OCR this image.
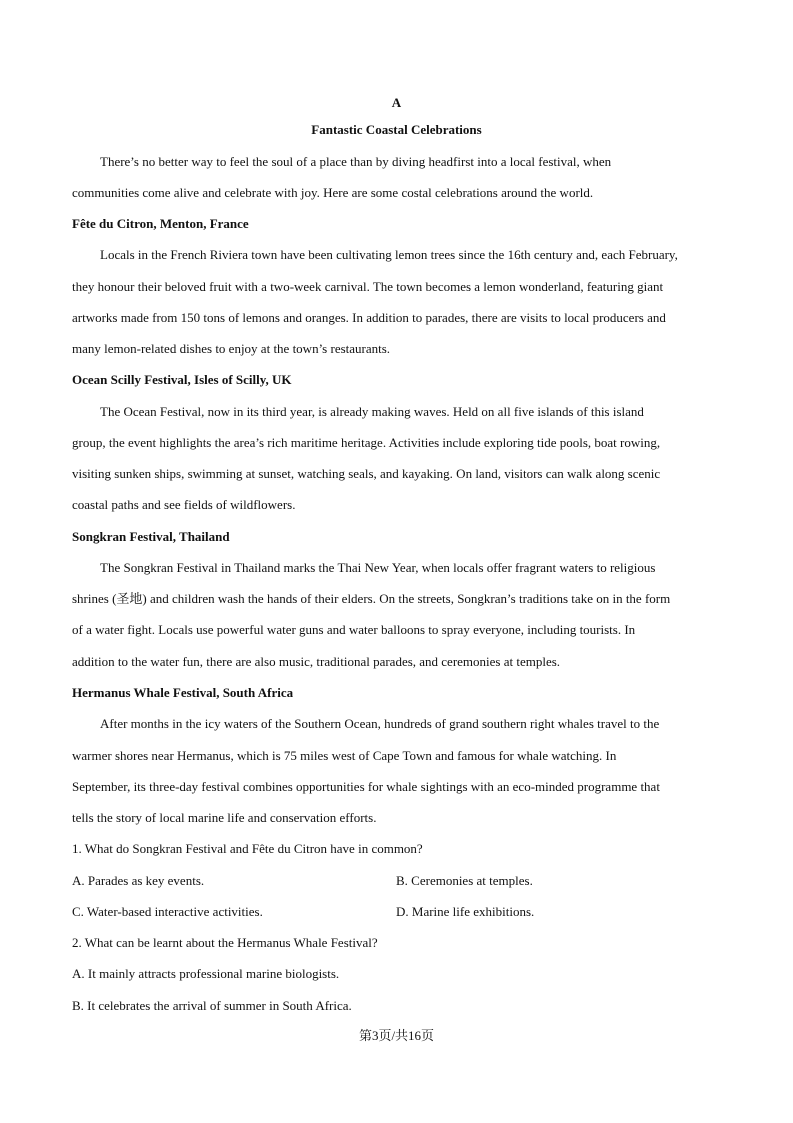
A
Fantastic Coastal Celebrations
There’s no better way to feel the soul of a place than by diving headfirst into a local festival, when
communities come alive and celebrate with joy. Here are some costal celebrations around the world.
Fête du Citron, Menton, France
Locals in the French Riviera town have been cultivating lemon trees since the 16th century and, each February,
they honour their beloved fruit with a two-week carnival. The town becomes a lemon wonderland, featuring giant
artworks made from 150 tons of lemons and oranges. In addition to parades, there are visits to local producers and
many lemon-related dishes to enjoy at the town’s restaurants.
Ocean Scilly Festival, Isles of Scilly, UK
The Ocean Festival, now in its third year, is already making waves. Held on all five islands of this island
group, the event highlights the area’s rich maritime heritage. Activities include exploring tide pools, boat rowing,
visiting sunken ships, swimming at sunset, watching seals, and kayaking. On land, visitors can walk along scenic
coastal paths and see fields of wildflowers.
Songkran Festival, Thailand
The Songkran Festival in Thailand marks the Thai New Year, when locals offer fragrant waters to religious
shrines (圣地) and children wash the hands of their elders. On the streets, Songkran’s traditions take on in the form
of a water fight. Locals use powerful water guns and water balloons to spray everyone, including tourists. In
addition to the water fun, there are also music, traditional parades, and ceremonies at temples.
Hermanus Whale Festival, South Africa
After months in the icy waters of the Southern Ocean, hundreds of grand southern right whales travel to the
warmer shores near Hermanus, which is 75 miles west of Cape Town and famous for whale watching. In
September, its three-day festival combines opportunities for whale sightings with an eco-minded programme that
tells the story of local marine life and conservation efforts.
1. What do Songkran Festival and Fête du Citron have in common?
A. Parades as key events.	B. Ceremonies at temples.
C. Water-based interactive activities.	D. Marine life exhibitions.
2. What can be learnt about the Hermanus Whale Festival?
A. It mainly attracts professional marine biologists.
B. It celebrates the arrival of summer in South Africa.
第3页/共16页
